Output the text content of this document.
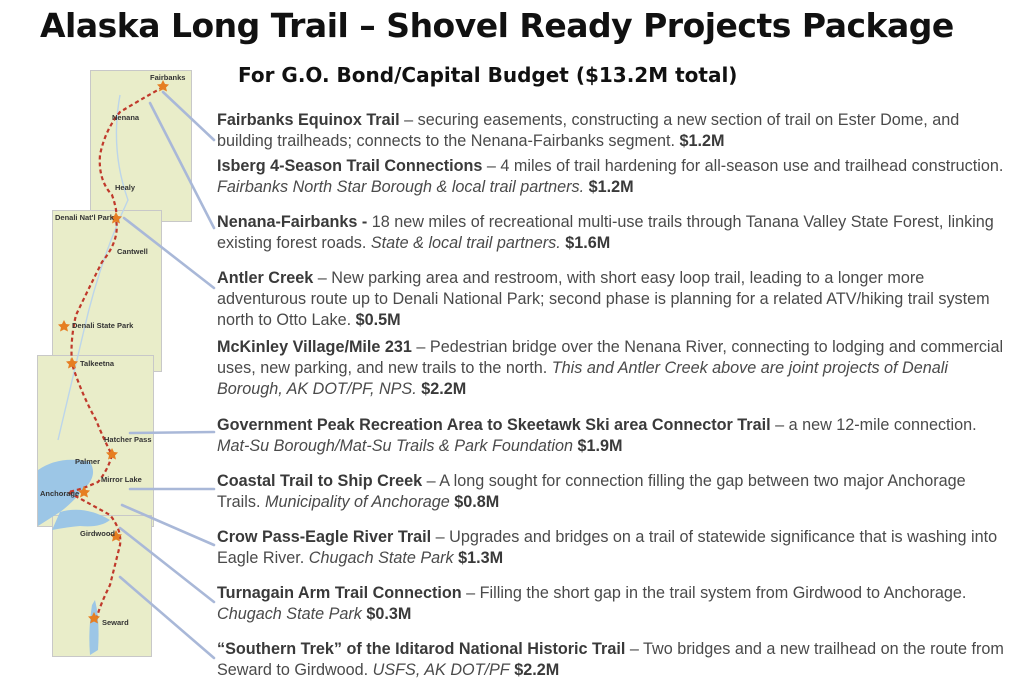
Alaska Long Trail – Shovel Ready Projects Package
For G.O. Bond/Capital Budget ($13.2M total)
Fairbanks
Nenana
Healy
Denali Nat'l Park
Cantwell
Denali State Park
Talkeetna
Hatcher Pass
Palmer
Mirror Lake
Anchorage
Girdwood
Seward
Fairbanks Equinox Trail – securing easements, constructing a new section of trail on Ester Dome, and building trailheads; connects to the Nenana-Fairbanks segment. $1.2M
Isberg 4-Season Trail Connections – 4 miles of trail hardening for all-season use and trailhead construction. Fairbanks North Star Borough & local trail partners. $1.2M
Nenana-Fairbanks - 18 new miles of recreational multi-use trails through Tanana Valley State Forest, linking existing forest roads. State & local trail partners. $1.6M
Antler Creek – New parking area and restroom, with short easy loop trail, leading to a longer more adventurous route up to Denali National Park; second phase is planning for a related ATV/hiking trail system north to Otto Lake. $0.5M
McKinley Village/Mile 231 – Pedestrian bridge over the Nenana River, connecting to lodging and commercial uses, new parking, and new trails to the north. This and Antler Creek above are joint projects of Denali Borough, AK DOT/PF, NPS. $2.2M
Government Peak Recreation Area to Skeetawk Ski area Connector Trail – a new 12-mile connection. Mat-Su Borough/Mat-Su Trails & Park Foundation $1.9M
Coastal Trail to Ship Creek – A long sought for connection filling the gap between two major Anchorage Trails. Municipality of Anchorage $0.8M
Crow Pass-Eagle River Trail – Upgrades and bridges on a trail of statewide significance that is washing into Eagle River. Chugach State Park $1.3M
Turnagain Arm Trail Connection – Filling the short gap in the trail system from Girdwood to Anchorage. Chugach State Park $0.3M
“Southern Trek” of the Iditarod National Historic Trail – Two bridges and a new trailhead on the route from Seward to Girdwood. USFS, AK DOT/PF $2.2M
